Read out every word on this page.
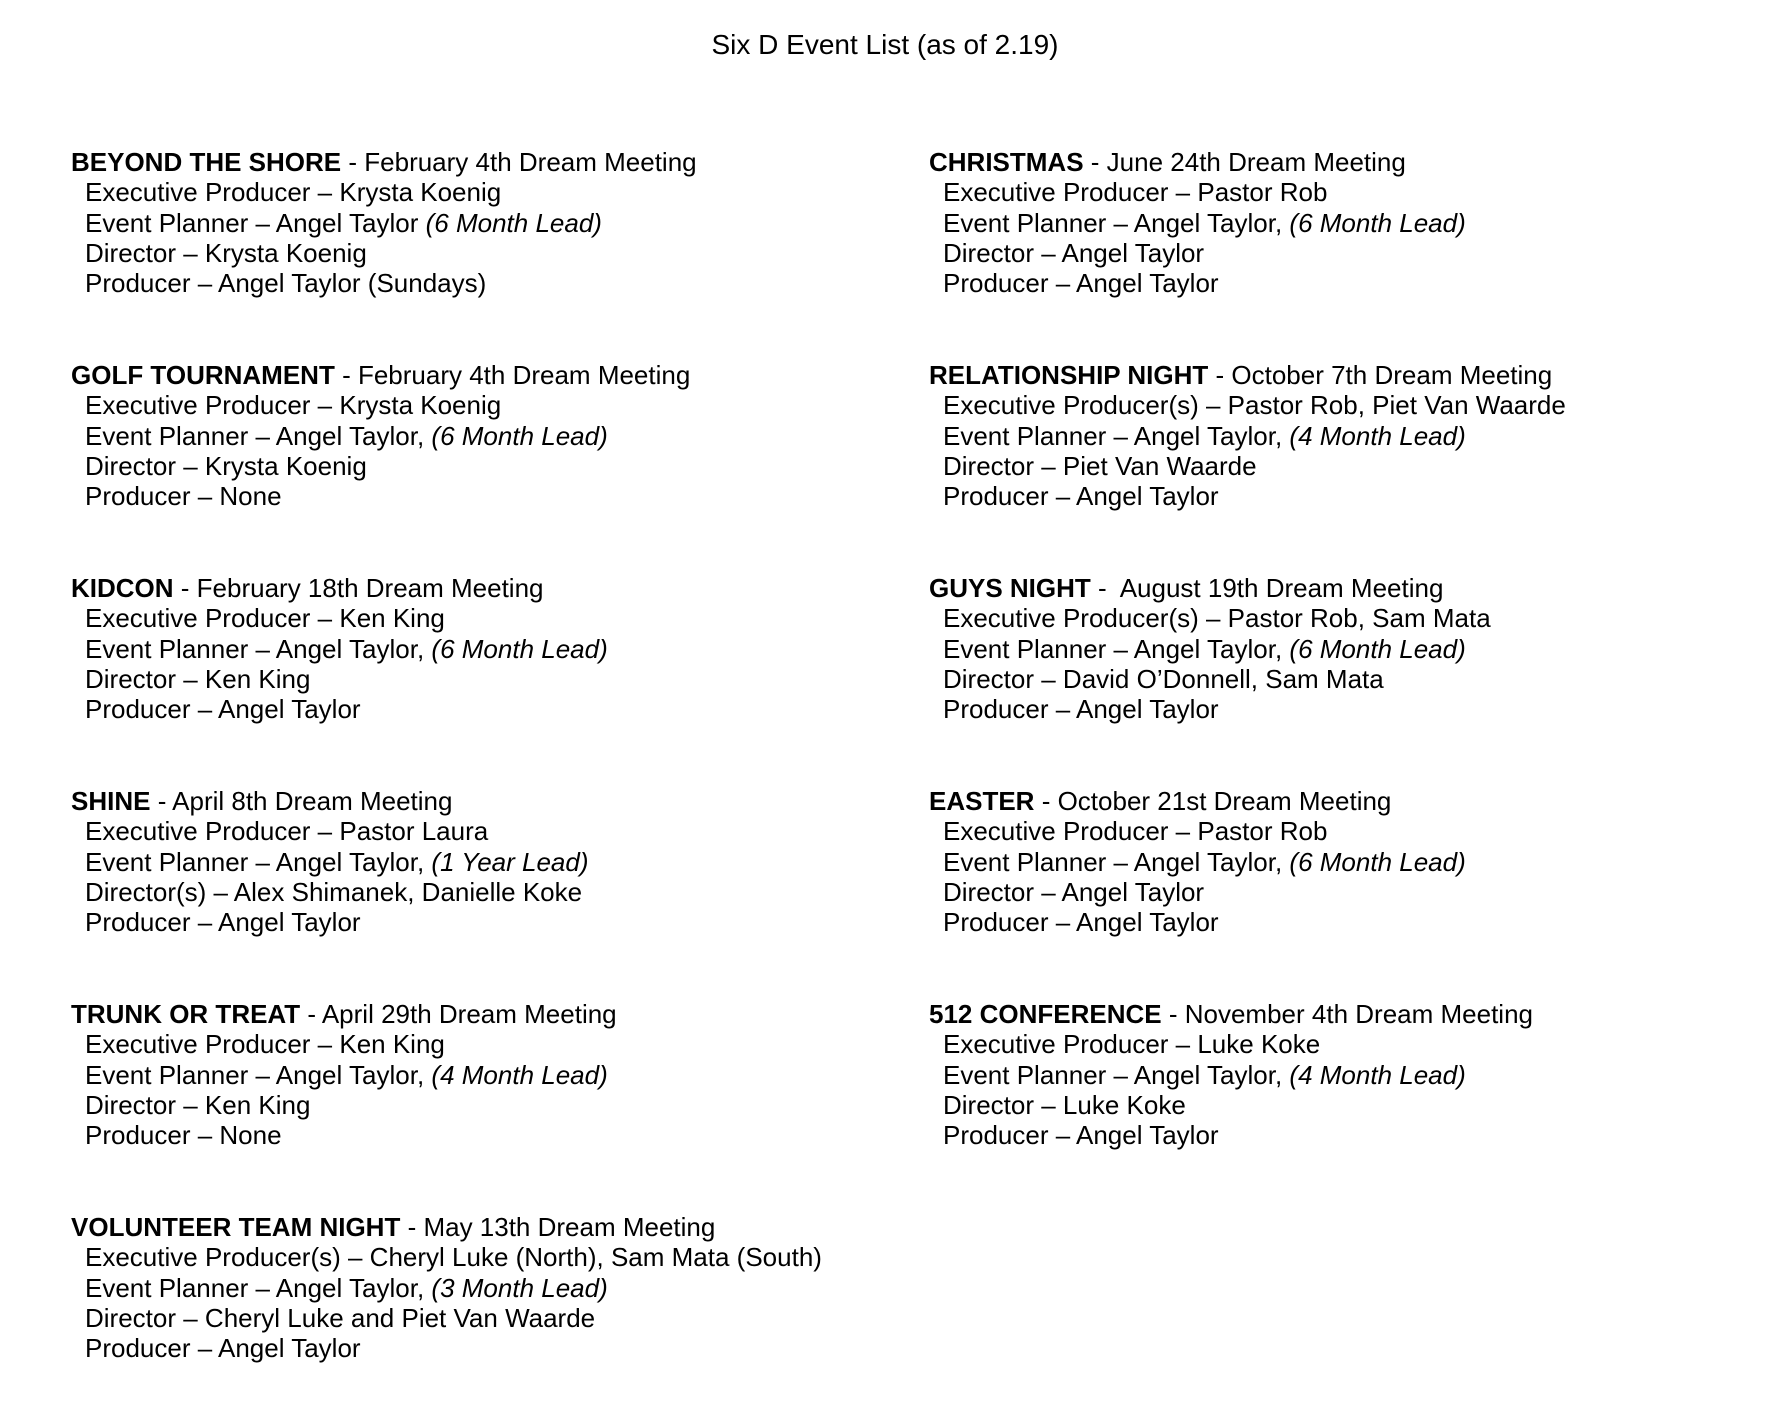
Six D Event List (as of 2.19)
BEYOND THE SHORE - February 4th Dream Meeting
Executive Producer – Krysta Koenig
Event Planner – Angel Taylor (6 Month Lead)
Director – Krysta Koenig
Producer – Angel Taylor (Sundays)
GOLF TOURNAMENT - February 4th Dream Meeting
Executive Producer – Krysta Koenig
Event Planner – Angel Taylor, (6 Month Lead)
Director – Krysta Koenig
Producer – None
KIDCON - February 18th Dream Meeting
Executive Producer – Ken King
Event Planner – Angel Taylor, (6 Month Lead)
Director – Ken King
Producer – Angel Taylor
SHINE - April 8th Dream Meeting
Executive Producer – Pastor Laura
Event Planner – Angel Taylor, (1 Year Lead)
Director(s) – Alex Shimanek, Danielle Koke
Producer – Angel Taylor
TRUNK OR TREAT - April 29th Dream Meeting
Executive Producer – Ken King
Event Planner – Angel Taylor, (4 Month Lead)
Director – Ken King
Producer – None
VOLUNTEER TEAM NIGHT - May 13th Dream Meeting
Executive Producer(s) – Cheryl Luke (North), Sam Mata (South)
Event Planner – Angel Taylor, (3 Month Lead)
Director – Cheryl Luke and Piet Van Waarde
Producer – Angel Taylor
CHRISTMAS - June 24th Dream Meeting
Executive Producer – Pastor Rob
Event Planner – Angel Taylor, (6 Month Lead)
Director – Angel Taylor
Producer – Angel Taylor
RELATIONSHIP NIGHT - October 7th Dream Meeting
Executive Producer(s) – Pastor Rob, Piet Van Waarde
Event Planner – Angel Taylor, (4 Month Lead)
Director – Piet Van Waarde
Producer – Angel Taylor
GUYS NIGHT -  August 19th Dream Meeting
Executive Producer(s) – Pastor Rob, Sam Mata
Event Planner – Angel Taylor, (6 Month Lead)
Director – David O’Donnell, Sam Mata
Producer – Angel Taylor
EASTER - October 21st Dream Meeting
Executive Producer – Pastor Rob
Event Planner – Angel Taylor, (6 Month Lead)
Director – Angel Taylor
Producer – Angel Taylor
512 CONFERENCE - November 4th Dream Meeting
Executive Producer – Luke Koke
Event Planner – Angel Taylor, (4 Month Lead)
Director – Luke Koke
Producer – Angel Taylor
